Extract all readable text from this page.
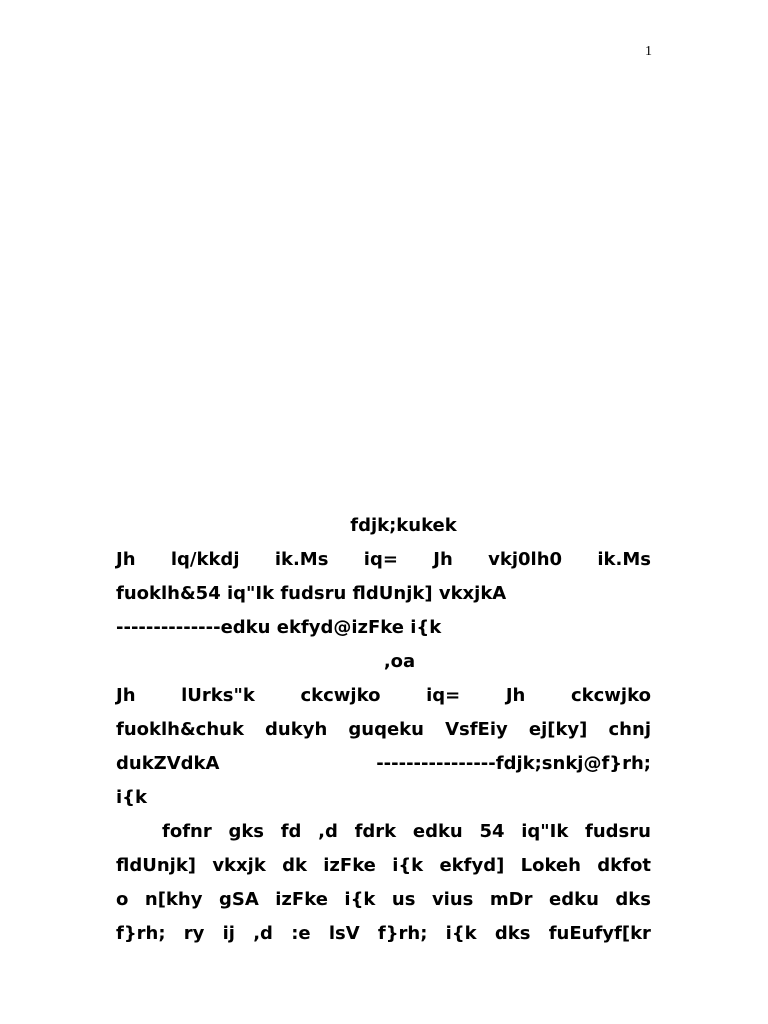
1
fdjk;kukek
Jh lq/kkdj ik.Ms iq= Jh vkj0lh0 ik.Ms
fuoklh&54 iq"Ik fudsru fldUnjk] vkxjkA
--------------edku ekfyd@izFke i{k
,oa
Jh	lUrks"k	ckcwjko	iq=	Jh	ckcwjko
fuoklh&chuk dukyh guqeku VsfEiy ej[ky] chnj
dukZVdkA	----------------fdjk;snkj@f}rh;
i{k
fofnr gks fd ,d fdrk edku 54 iq"Ik fudsru
fldUnjk] vkxjk dk izFke i{k ekfyd] Lokeh dkfot
o n[khy gSA izFke i{k us vius mDr edku dks
f}rh; ry ij ,d :e lsV f}rh; i{k dks fuEufyf[kr
